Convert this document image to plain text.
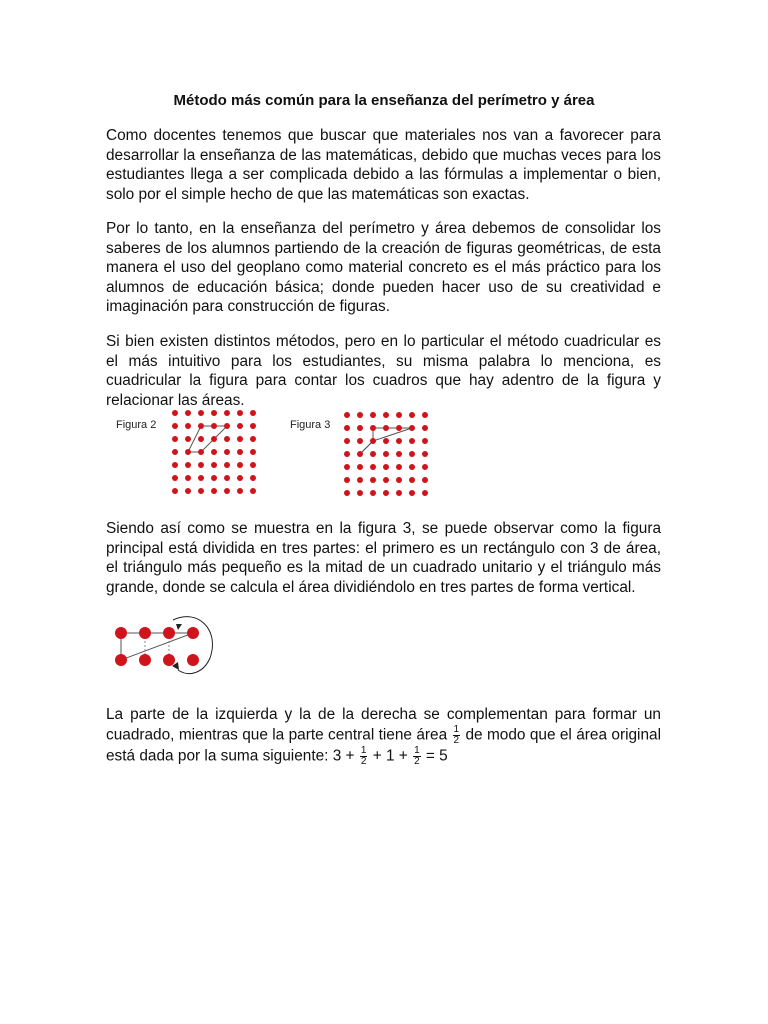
Método más común para la enseñanza del perímetro y área

Como docentes tenemos que buscar que materiales nos van a favorecer para desarrollar la enseñanza de las matemáticas, debido que muchas veces para los estudiantes llega a ser complicada debido a las fórmulas a implementar o bien, solo por el simple hecho de que las matemáticas son exactas.

Por lo tanto, en la enseñanza del perímetro y área debemos de consolidar los saberes de los alumnos partiendo de la creación de figuras geométricas, de esta manera el uso del geoplano como material concreto es el más práctico para los alumnos de educación básica; donde pueden hacer uso de su creatividad e imaginación para construcción de figuras.

Si bien existen distintos métodos, pero en lo particular el método cuadricular es el más intuitivo para los estudiantes, su misma palabra lo menciona, es cuadricular la figura para contar los cuadros que hay adentro de la figura y relacionar las áreas.

Figura 2	Figura 3

Siendo así como se muestra en la figura 3, se puede observar como la figura principal está dividida en tres partes: el primero es un rectángulo con 3 de área, el triángulo más pequeño es la mitad de un cuadrado unitario y el triángulo más grande, donde se calcula el área dividiéndolo en tres partes de forma vertical.

La parte de la izquierda y la de la derecha se complementan para formar un cuadrado, mientras que la parte central tiene área $\frac{1}{2}$ de modo que el área original está dada por la suma siguiente: $3 + \frac{1}{2} + 1 + \frac{1}{2} = 5$
